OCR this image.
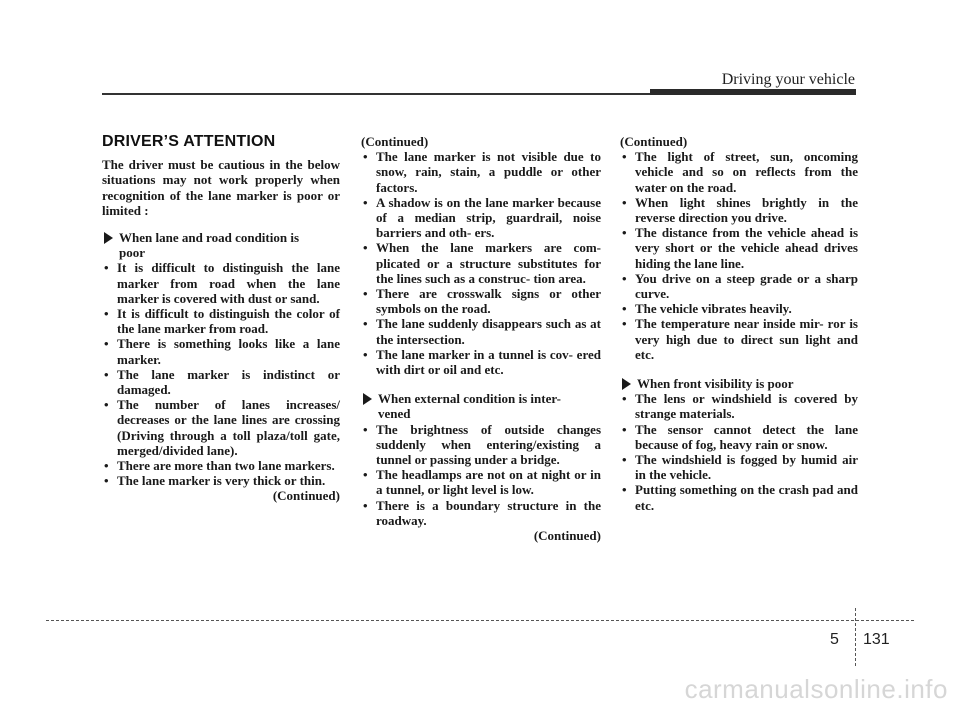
Driving your vehicle
DRIVER’S ATTENTION

The driver must be cautious in the below situations may not work properly when recognition of the lane marker is poor or limited :

When lane and road condition is
poor
• It is difficult to distinguish the lane marker from road when the lane marker is covered with dust or sand.
• It is difficult to distinguish the color of the lane marker from road.
• There is something looks like a lane marker.
• The lane marker is indistinct or damaged.
• The number of lanes increases/ decreases or the lane lines are crossing (Driving through a toll plaza/toll gate, merged/divided lane).
• There are more than two lane markers.
• The lane marker is very thick or thin.

(Continued)

(Continued)

• The lane marker is not visible due to snow, rain, stain, a puddle or other factors.
• A shadow is on the lane marker because of a median strip, guardrail, noise barriers and oth- ers.
• When the lane markers are com- plicated or a structure substitutes for the lines such as a construc- tion area.
• There are crosswalk signs or other symbols on the road.
• The lane suddenly disappears such as at the intersection.
• The lane marker in a tunnel is cov- ered with dirt or oil and etc.
When external condition is inter-
vened
• The brightness of outside changes suddenly when entering/existing a tunnel or passing under a bridge.
• The headlamps are not on at night or in a tunnel, or light level is low.
• There is a boundary structure in the roadway.

(Continued)

(Continued)

• The light of street, sun, oncoming vehicle and so on reflects from the water on the road.
• When light shines brightly in the reverse direction you drive.
• The distance from the vehicle ahead is very short or the vehicle ahead drives hiding the lane line.
• You drive on a steep grade or a sharp curve.
• The vehicle vibrates heavily.
• The temperature near inside mir- ror is very high due to direct sun light and etc.
When front visibility is poor
• The lens or windshield is covered by strange materials.
• The sensor cannot detect the lane because of fog, heavy rain or snow.
• The windshield is fogged by humid air in the vehicle.
• Putting something on the crash pad and etc.
5 131
carmanualsonline.info
